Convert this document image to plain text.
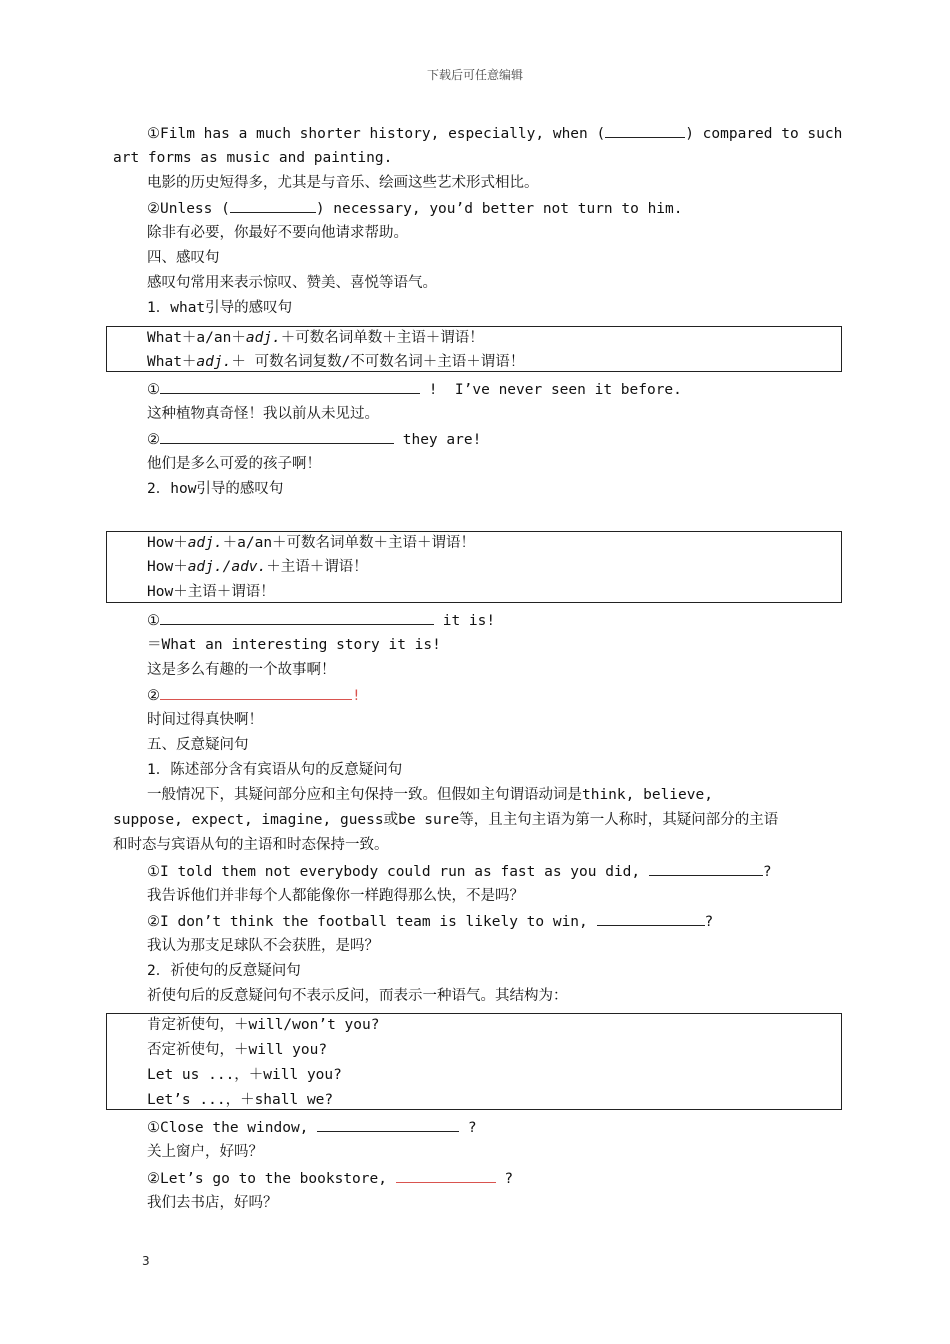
下载后可任意编辑
①Film has a much shorter history, especially, when (	) compared to such
art forms as music and painting.
电影的历史短得多，尤其是与音乐、绘画这些艺术形式相比。
②Unless (	) necessary, you’d better not turn to him.
除非有必要，你最好不要向他请求帮助。
四、感叹句
感叹句常用来表示惊叹、赞美、喜悦等语气。
1．what引导的感叹句
What＋a/an＋adj.＋可数名词单数＋主语＋谓语！
What＋adj.＋ 可数名词复数/不可数名词＋主语＋谓语！
①	!  I’ve never seen it before.
这种植物真奇怪！我以前从未见过。
②	they are!
他们是多么可爱的孩子啊！
2．how引导的感叹句
How＋adj.＋a/an＋可数名词单数＋主语＋谓语！
How＋adj./adv.＋主语＋谓语！
How＋主语＋谓语！
①	it is!
＝What an interesting story it is!
这是多么有趣的一个故事啊！
②	!
时间过得真快啊！
五、反意疑问句
1．陈述部分含有宾语从句的反意疑问句
一般情况下，其疑问部分应和主句保持一致。但假如主句谓语动词是think, believe,
suppose, expect, imagine, guess或be sure等，且主句主语为第一人称时，其疑问部分的主语
和时态与宾语从句的主语和时态保持一致。
①I told them not everybody could run as fast as you did,	?
我告诉他们并非每个人都能像你一样跑得那么快，不是吗？
②I don’t think the football team is likely to win,	?
我认为那支足球队不会获胜，是吗？
2．祈使句的反意疑问句
祈使句后的反意疑问句不表示反问，而表示一种语气。其结构为：
肯定祈使句，＋will/won’t you?
否定祈使句，＋will you?
Let us ...，＋will you?
Let’s ...，＋shall we?
①Close the window,	?
关上窗户，好吗？
②Let’s go to the bookstore,	?
我们去书店，好吗？
3
